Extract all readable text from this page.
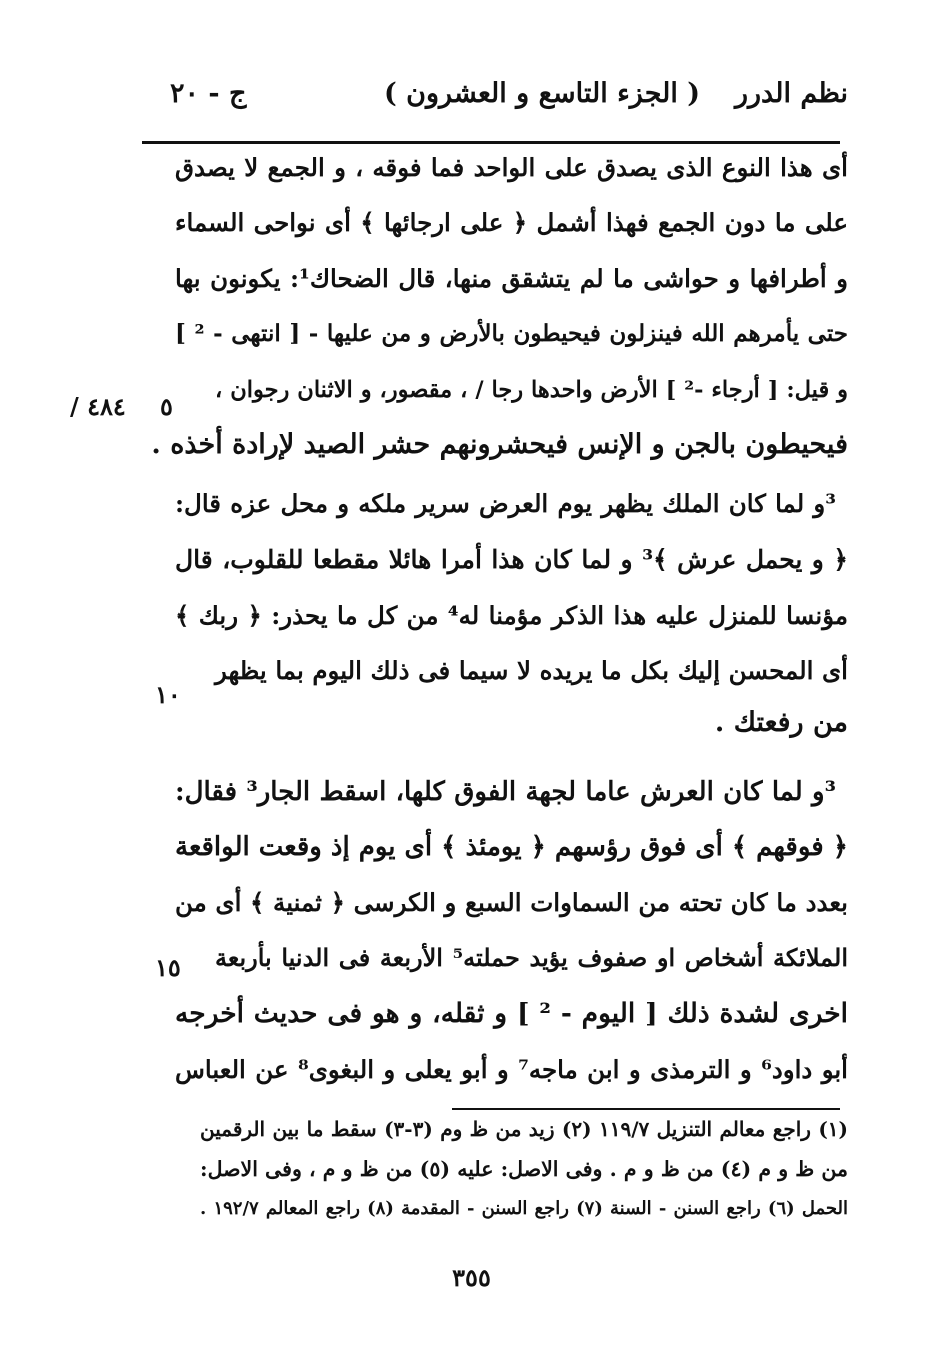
نظم الدرر
( الجزء التاسع و العشرون )
ج - ٢٠
أى هذا النوع الذى يصدق على الواحد فما فوقه ، و الجمع لا يصدق
على ما دون الجمع فهذا أشمل ﴿ على ارجائها ﴾ أى نواحى السماء
و أطرافها و حواشى ما لم يتشقق منها، قال الضحاك¹: يكونون بها
حتى يأمرهم الله فينزلون فيحيطون بالأرض و من عليها - [ انتهى - ² ]
و قيل: [ أرجاء -² ] الأرض واحدها رجا / ، مقصور، و الاثنان رجوان ،
فيحيطون بالجن و الإنس فيحشرونهم حشر الصيد لإرادة أخذه .
³و لما كان الملك يظهر يوم العرض سرير ملكه و محل عزه قال:
﴿ و يحمل عرش ﴾³ و لما كان هذا أمرا هائلا مقطعا للقلوب، قال
مؤنسا للمنزل عليه هذا الذكر مؤمنا له⁴ من كل ما يحذر: ﴿ ربك ﴾
أى المحسن إليك بكل ما يريده لا سيما فى ذلك اليوم بما يظهر
من رفعتك .
³و لما كان العرش عاما لجهة الفوق كلها، اسقط الجار³ فقال:
﴿ فوقهم ﴾ أى فوق رؤسهم ﴿ يومئذ ﴾ أى يوم إذ وقعت الواقعة
بعدد ما كان تحته من السماوات السبع و الكرسى ﴿ ثمنية ﴾ أى من
الملائكة أشخاص او صفوف يؤيد حملته⁵ الأربعة فى الدنيا بأربعة
اخرى لشدة ذلك [ اليوم - ² ] و ثقله، و هو فى حديث أخرجه
أبو داود⁶ و الترمذى و ابن ماجه⁷ و أبو يعلى و البغوى⁸ عن العباس
٥
٤٨٤ /
١٠
١٥
(١) راجع معالم التنزيل ١١٩/٧ (٢) زيد من ظ وم (٣-٣) سقط ما بين الرقمين
من ظ و م (٤) من ظ و م . وفى الاصل: عليه (٥) من ظ و م ، وفى الاصل:
الحمل (٦) راجع السنن - السنة (٧) راجع السنن - المقدمة (٨) راجع المعالم ١٩٢/٧ .
٣٥٥
